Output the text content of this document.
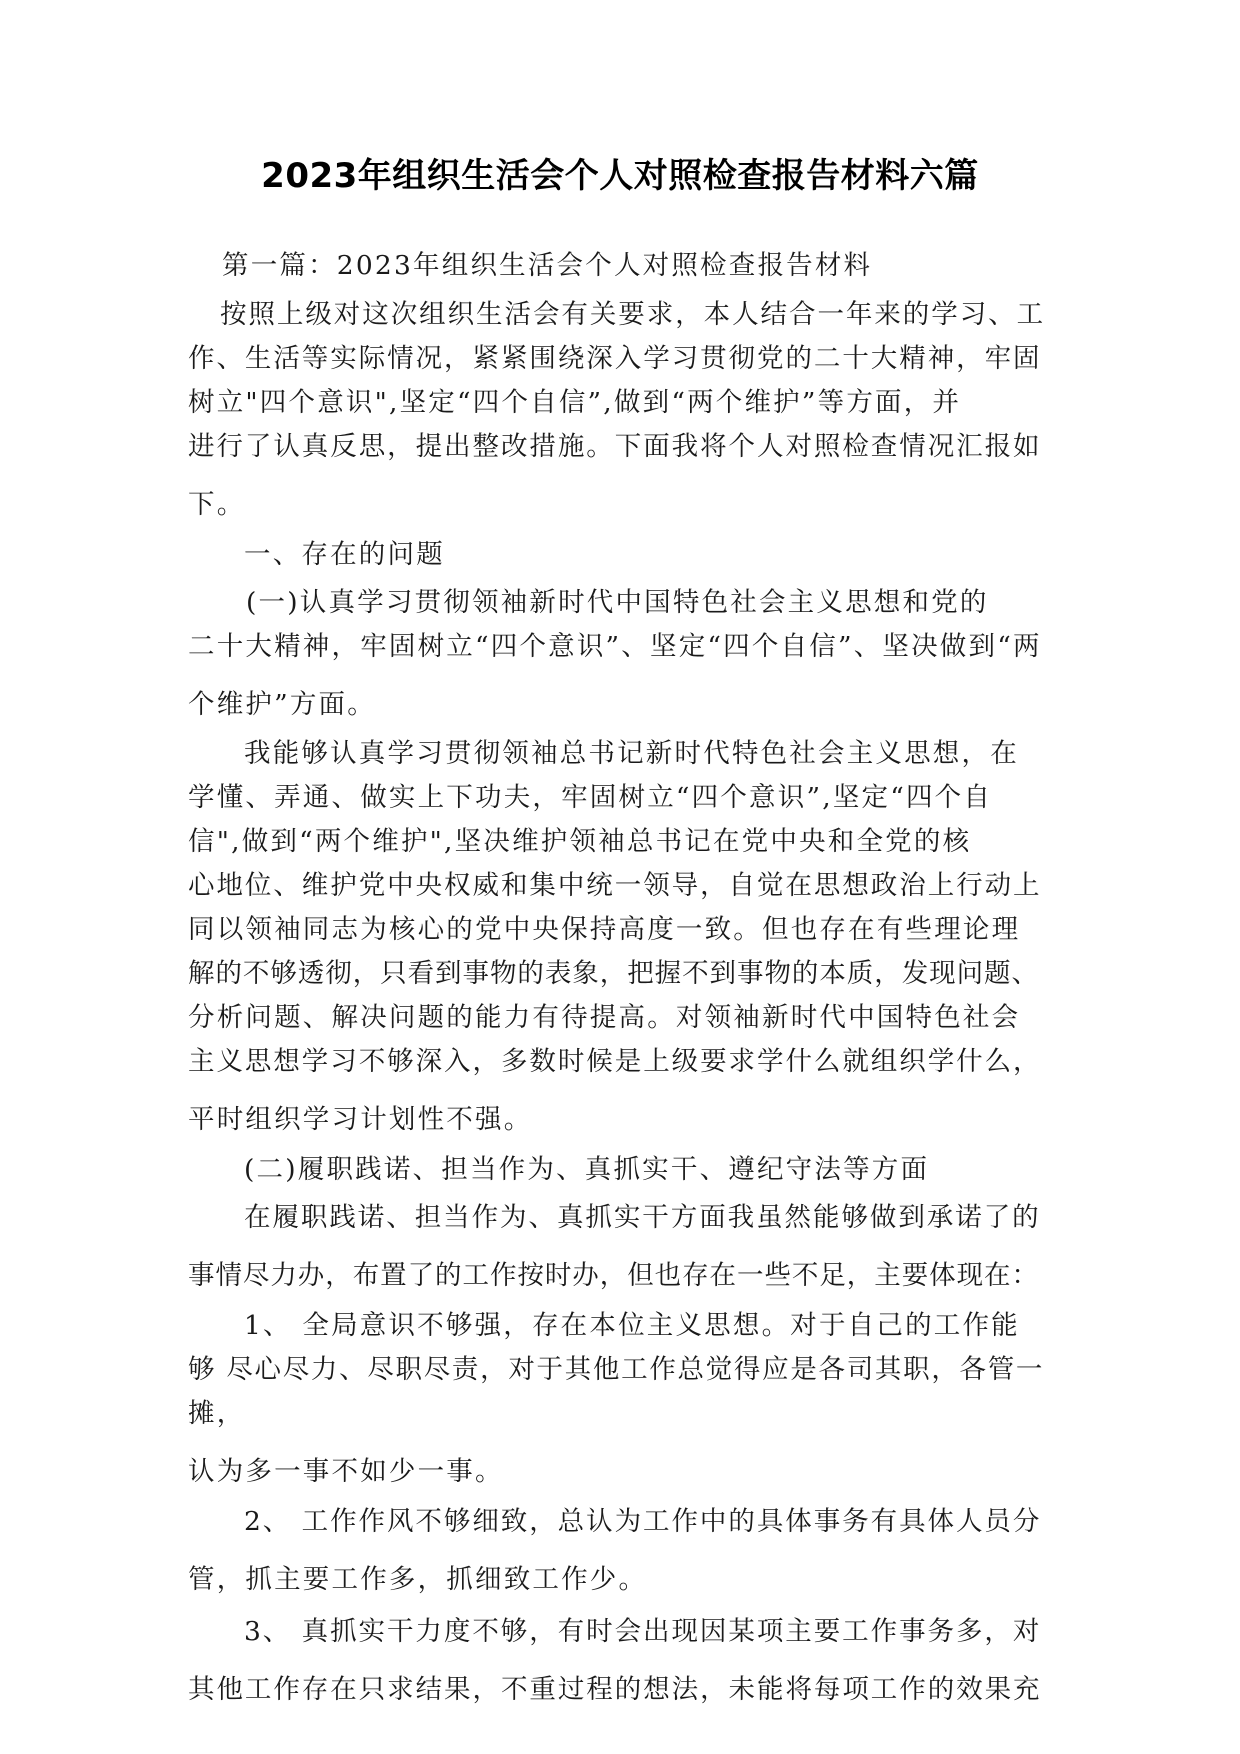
2023年组织生活会个人对照检查报告材料六篇
第一篇：2023年组织生活会个人对照检查报告材料
按照上级对这次组织生活会有关要求，本人结合一年来的学习、工
作、生活等实际情况，紧紧围绕深入学习贯彻党的二十大精神，牢固
树立"四个意识",坚定“四个自信”,做到“两个维护”等方面，并
进行了认真反思，提出整改措施。下面我将个人对照检查情况汇报如
下。
一、存在的问题
(一)认真学习贯彻领袖新时代中国特色社会主义思想和党的
二十大精神，牢固树立“四个意识”、坚定“四个自信”、坚决做到“两
个维护”方面。
我能够认真学习贯彻领袖总书记新时代特色社会主义思想，在
学懂、弄通、做实上下功夫，牢固树立“四个意识”,坚定“四个自
信",做到“两个维护",坚决维护领袖总书记在党中央和全党的核
心地位、维护党中央权威和集中统一领导，自觉在思想政治上行动上
同以领袖同志为核心的党中央保持高度一致。但也存在有些理论理
解的不够透彻，只看到事物的表象，把握不到事物的本质，发现问题、
分析问题、解决问题的能力有待提高。对领袖新时代中国特色社会
主义思想学习不够深入，多数时候是上级要求学什么就组织学什么，
平时组织学习计划性不强。
(二)履职践诺、担当作为、真抓实干、遵纪守法等方面
在履职践诺、担当作为、真抓实干方面我虽然能够做到承诺了的
事情尽力办，布置了的工作按时办，但也存在一些不足，主要体现在：
1、 全局意识不够强，存在本位主义思想。对于自己的工作能
够 尽心尽力、尽职尽责，对于其他工作总觉得应是各司其职，各管一
摊，
认为多一事不如少一事。
2、 工作作风不够细致，总认为工作中的具体事务有具体人员分
管，抓主要工作多，抓细致工作少。
3、 真抓实干力度不够，有时会出现因某项主要工作事务多，对
其他工作存在只求结果，不重过程的想法，未能将每项工作的效果充
